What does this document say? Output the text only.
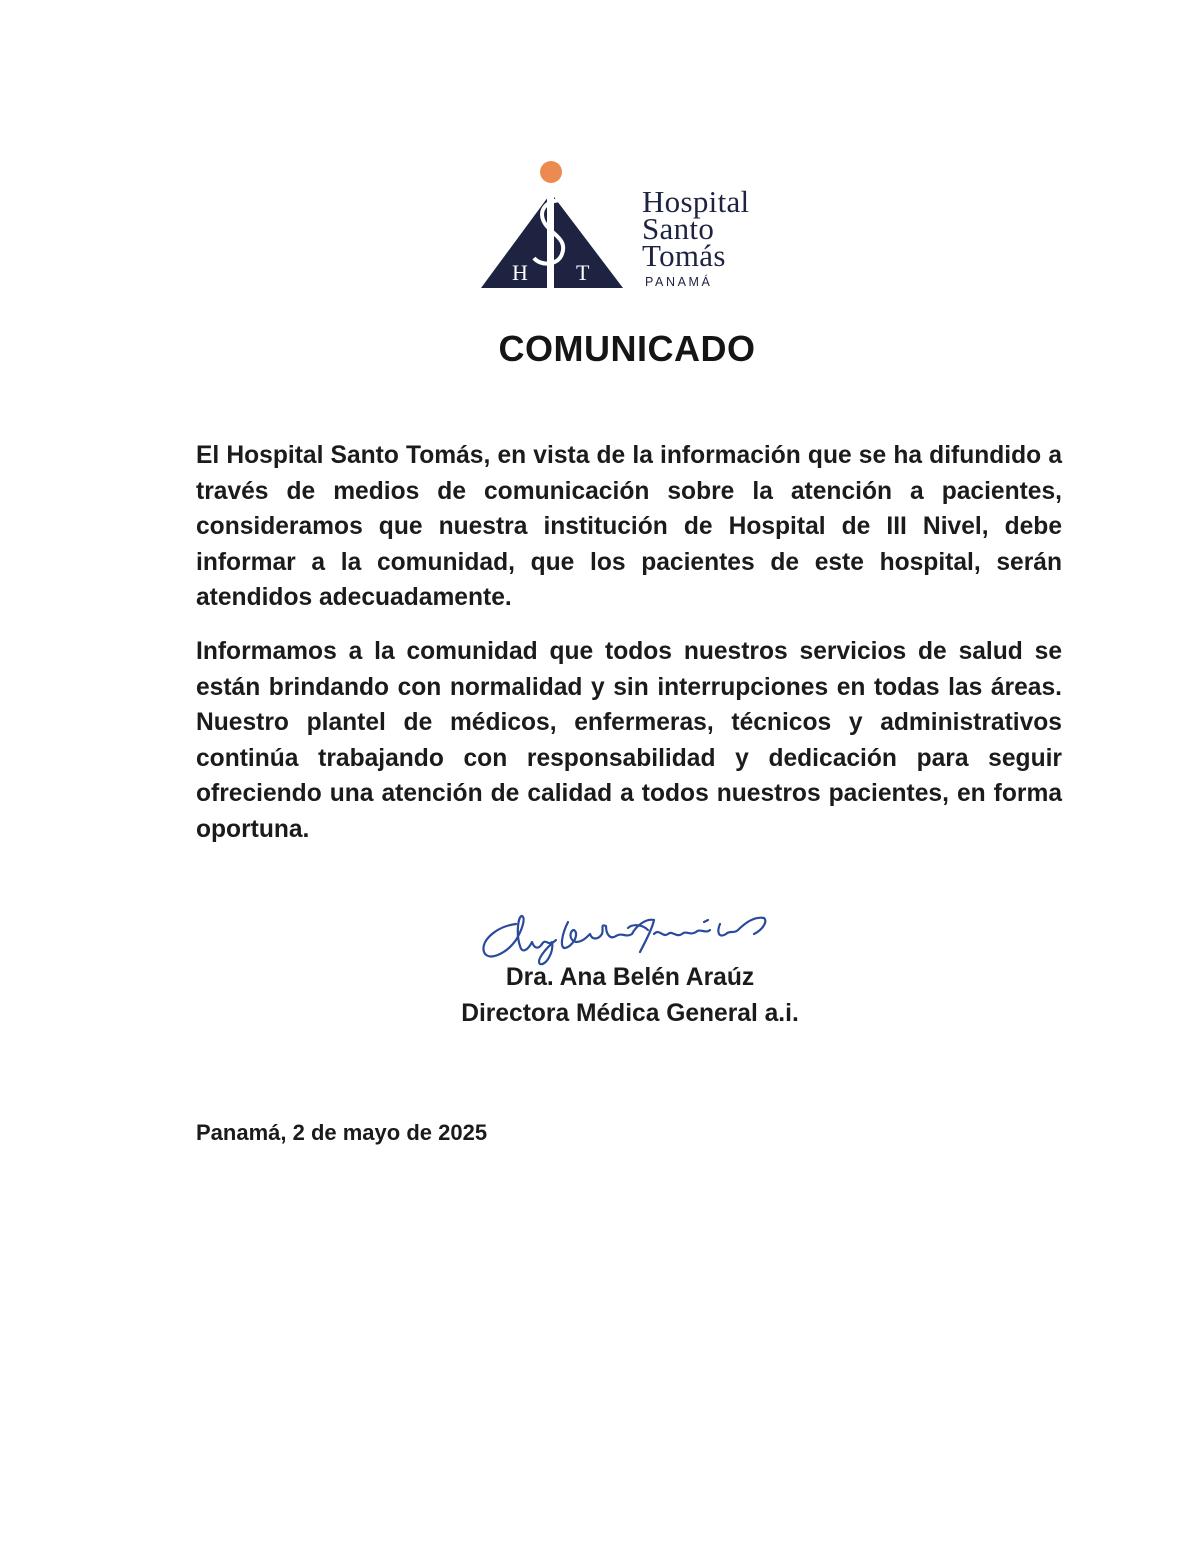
H T
Hospital
Santo
Tomás
PANAMÁ
COMUNICADO

El Hospital Santo Tomás, en vista de la información que se ha difundido a través de medios de comunicación sobre la atención a pacientes, consideramos que nuestra institución de Hospital de III Nivel, debe informar a la comunidad, que los pacientes de este hospital, serán atendidos adecuadamente.

Informamos a la comunidad que todos nuestros servicios de salud se están brindando con normalidad y sin interrupciones en todas las áreas. Nuestro plantel de médicos, enfermeras, técnicos y administrativos continúa trabajando con responsabilidad y dedicación para seguir ofreciendo una atención de calidad a todos nuestros pacientes, en forma oportuna.

Dra. Ana Belén Araúz
Directora Médica General a.i.
Panamá, 2 de mayo de 2025
